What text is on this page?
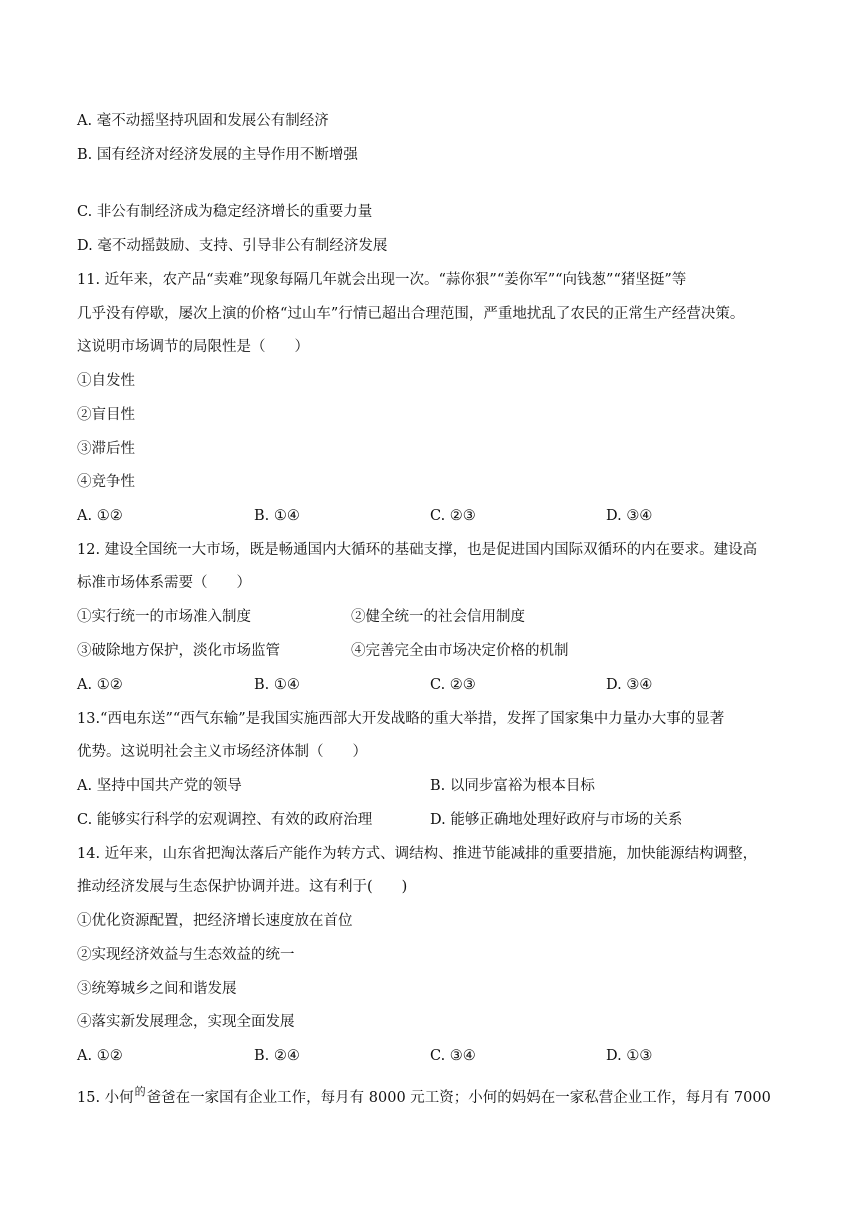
A. 毫不动摇坚持巩固和发展公有制经济
B. 国有经济对经济发展的主导作用不断增强
C. 非公有制经济成为稳定经济增长的重要力量
D. 毫不动摇鼓励、支持、引导非公有制经济发展
11. 近年来，农产品“卖难”现象每隔几年就会出现一次。“蒜你狠”“姜你军”“向钱葱”“猪坚挺”等
几乎没有停歇，屡次上演的价格“过山车”行情已超出合理范围，严重地扰乱了农民的正常生产经营决策。
这说明市场调节的局限性是（　　）
①自发性
②盲目性
③滞后性
④竞争性
A. ①②	B. ①④	C. ②③	D. ③④
12. 建设全国统一大市场，既是畅通国内大循环的基础支撑，也是促进国内国际双循环的内在要求。建设高
标准市场体系需要（　　）
①实行统一的市场准入制度	②健全统一的社会信用制度
③破除地方保护，淡化市场监管	④完善完全由市场决定价格的机制
A. ①②	B. ①④	C. ②③	D. ③④
13.“西电东送”“西气东输”是我国实施西部大开发战略的重大举措，发挥了国家集中力量办大事的显著
优势。这说明社会主义市场经济体制（　　）
A. 坚持中国共产党的领导	B. 以同步富裕为根本目标
C. 能够实行科学的宏观调控、有效的政府治理	D. 能够正确地处理好政府与市场的关系
14. 近年来，山东省把淘汰落后产能作为转方式、调结构、推进节能减排的重要措施，加快能源结构调整，
推动经济发展与生态保护协调并进。这有利于(　　)
①优化资源配置，把经济增长速度放在首位
②实现经济效益与生态效益的统一
③统筹城乡之间和谐发展
④落实新发展理念，实现全面发展
A. ①②	B. ②④	C. ③④	D. ①③
15. 小何$^的$爸爸在一家国有企业工作，每月有 8000 元工资；小何的妈妈在一家私营企业工作，每月有 7000
